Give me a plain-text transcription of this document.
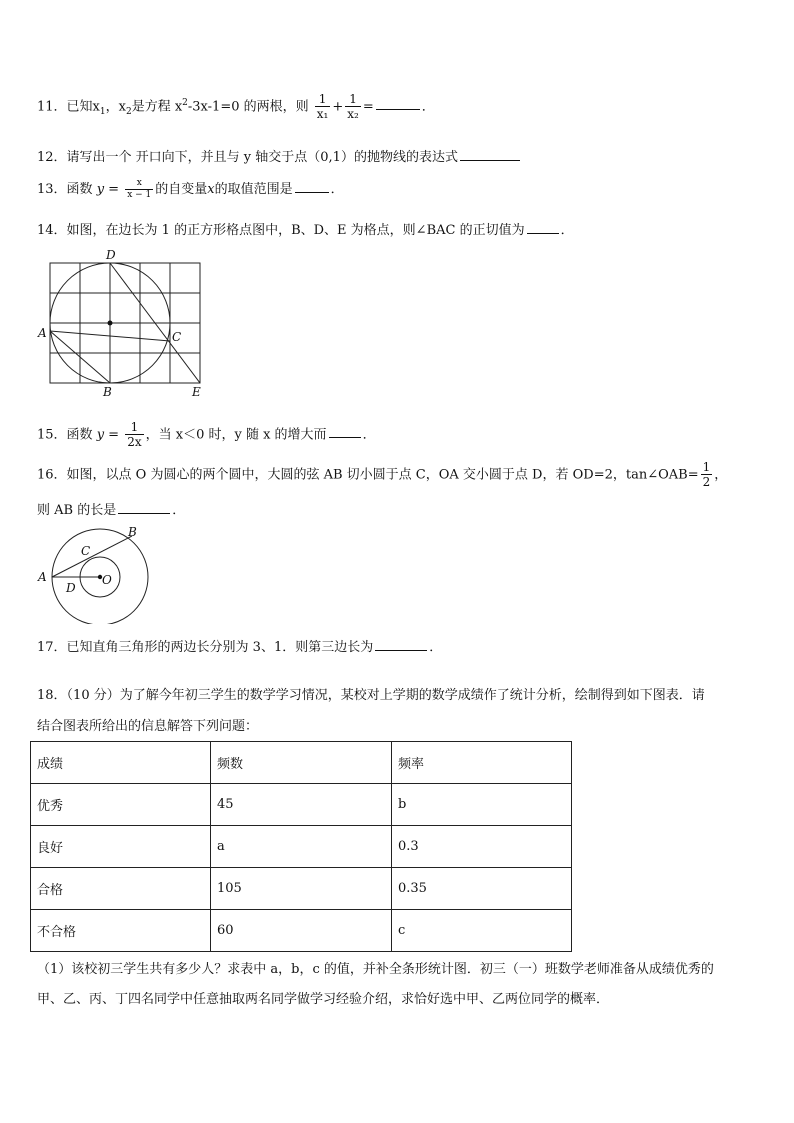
11．已知$x_1$，$x_2$是方程 $x^2-3x-1=0$ 的两根，则 $\frac{1}{\text{x₁}} + \frac{1}{\text{x₂}}$ =	．
12．请写出一个 开口向下，并且与 y 轴交于点（0,1）的抛物线的表达式
13．函数 $y = \frac{x}{x - 1}$ 的自变量x的取值范围是	．
14．如图，在边长为 1 的正方形格点图中，B、D、E 为格点，则∠BAC 的正切值为	．
D
A	C
B	E
15．函数 $y = \frac{1}{2x}$ ，当 x＜0 时，y 随 x 的增大而	．
16．如图，以点 O 为圆心的两个圆中，大圆的弦 AB 切小圆于点 C，OA 交小圆于点 D，若 OD=2，tan∠OAB= $\frac{1}{2}$ ，
则 AB 的长是	．
B
C
A	O
D
17．已知直角三角形的两边长分别为 3、1．则第三边长为	．
18．（10 分）为了解今年初三学生的数学学习情况，某校对上学期的数学成绩作了统计分析，绘制得到如下图表．请
结合图表所给出的信息解答下列问题：
成绩	频数	频率
优秀	45	b
良好	a	0.3
合格	105	0.35
不合格	60	c
（1）该校初三学生共有多少人？求表中 a，b，c 的值，并补全条形统计图．初三（一）班数学老师准备从成绩优秀的
甲、乙、丙、丁四名同学中任意抽取两名同学做学习经验介绍，求恰好选中甲、乙两位同学的概率．
